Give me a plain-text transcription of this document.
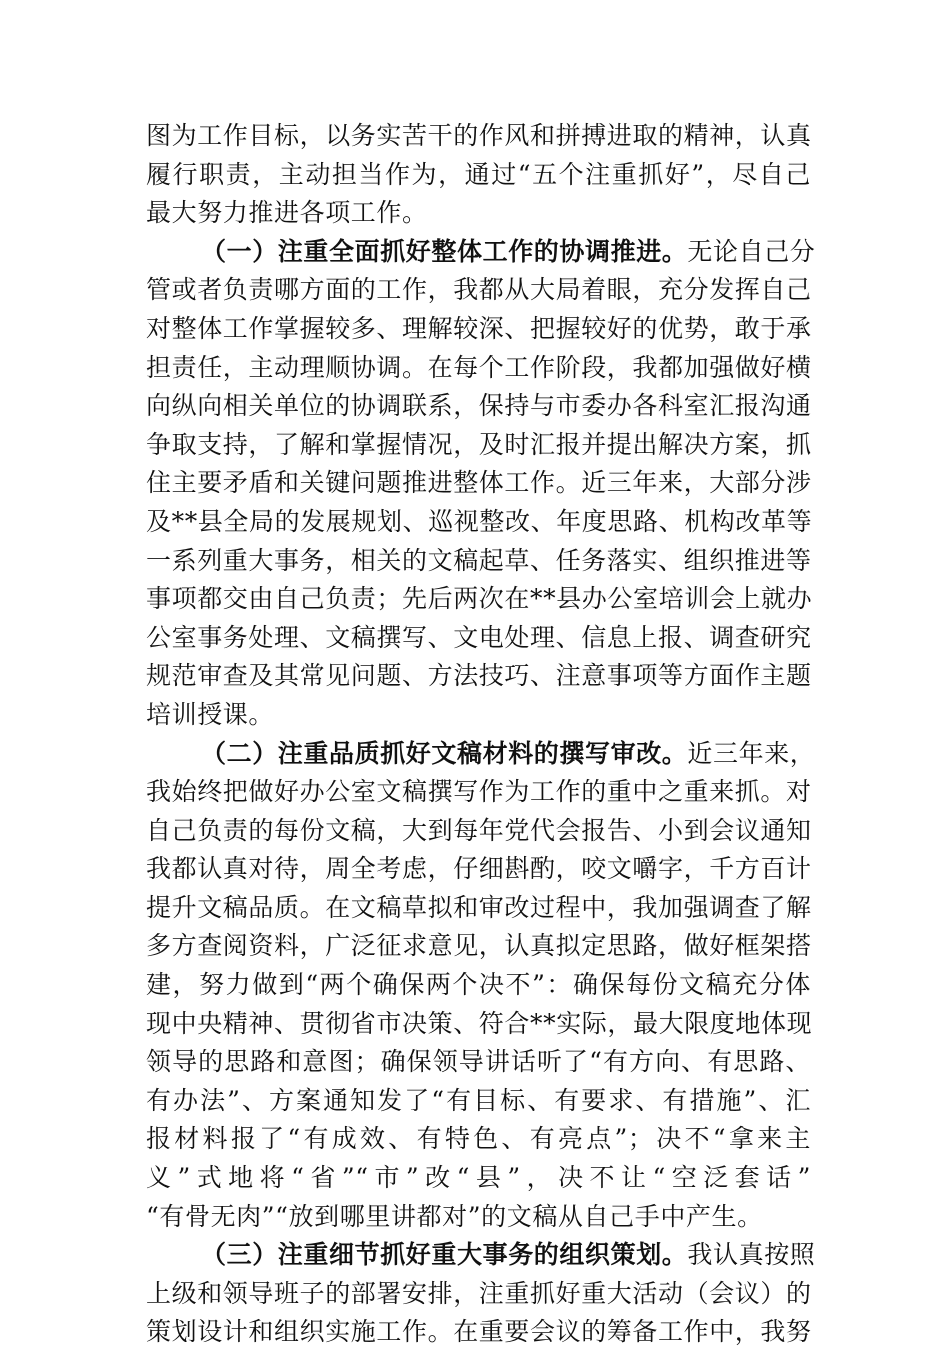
图为工作目标，以务实苦干的作风和拼搏进取的精神，认真
履行职责，主动担当作为，通过“五个注重抓好”，尽自己
最大努力推进各项工作。
（一）注重全面抓好整体工作的协调推进。无论自己分
管或者负责哪方面的工作，我都从大局着眼，充分发挥自己
对整体工作掌握较多、理解较深、把握较好的优势，敢于承
担责任，主动理顺协调。在每个工作阶段，我都加强做好横
向纵向相关单位的协调联系，保持与市委办各科室汇报沟通
争取支持，了解和掌握情况，及时汇报并提出解决方案，抓
住主要矛盾和关键问题推进整体工作。近三年来，大部分涉
及**县全局的发展规划、巡视整改、年度思路、机构改革等
一系列重大事务，相关的文稿起草、任务落实、组织推进等
事项都交由自己负责；先后两次在**县办公室培训会上就办
公室事务处理、文稿撰写、文电处理、信息上报、调查研究
规范审查及其常见问题、方法技巧、注意事项等方面作主题
培训授课。
（二）注重品质抓好文稿材料的撰写审改。近三年来，
我始终把做好办公室文稿撰写作为工作的重中之重来抓。对
自己负责的每份文稿，大到每年党代会报告、小到会议通知
我都认真对待，周全考虑，仔细斟酌，咬文嚼字，千方百计
提升文稿品质。在文稿草拟和审改过程中，我加强调查了解
多方查阅资料，广泛征求意见，认真拟定思路，做好框架搭
建，努力做到“两个确保两个决不”：确保每份文稿充分体
现中央精神、贯彻省市决策、符合**实际，最大限度地体现
领导的思路和意图；确保领导讲话听了“有方向、有思路、
有办法”、方案通知发了“有目标、有要求、有措施”、汇
报材料报了“有成效、有特色、有亮点”；决不“拿来主
义”式地将“省”“市”改“县”，决不让“空泛套话”
“有骨无肉”“放到哪里讲都对”的文稿从自己手中产生。
（三）注重细节抓好重大事务的组织策划。我认真按照
上级和领导班子的部署安排，注重抓好重大活动（会议）的
策划设计和组织实施工作。在重要会议的筹备工作中，我努
